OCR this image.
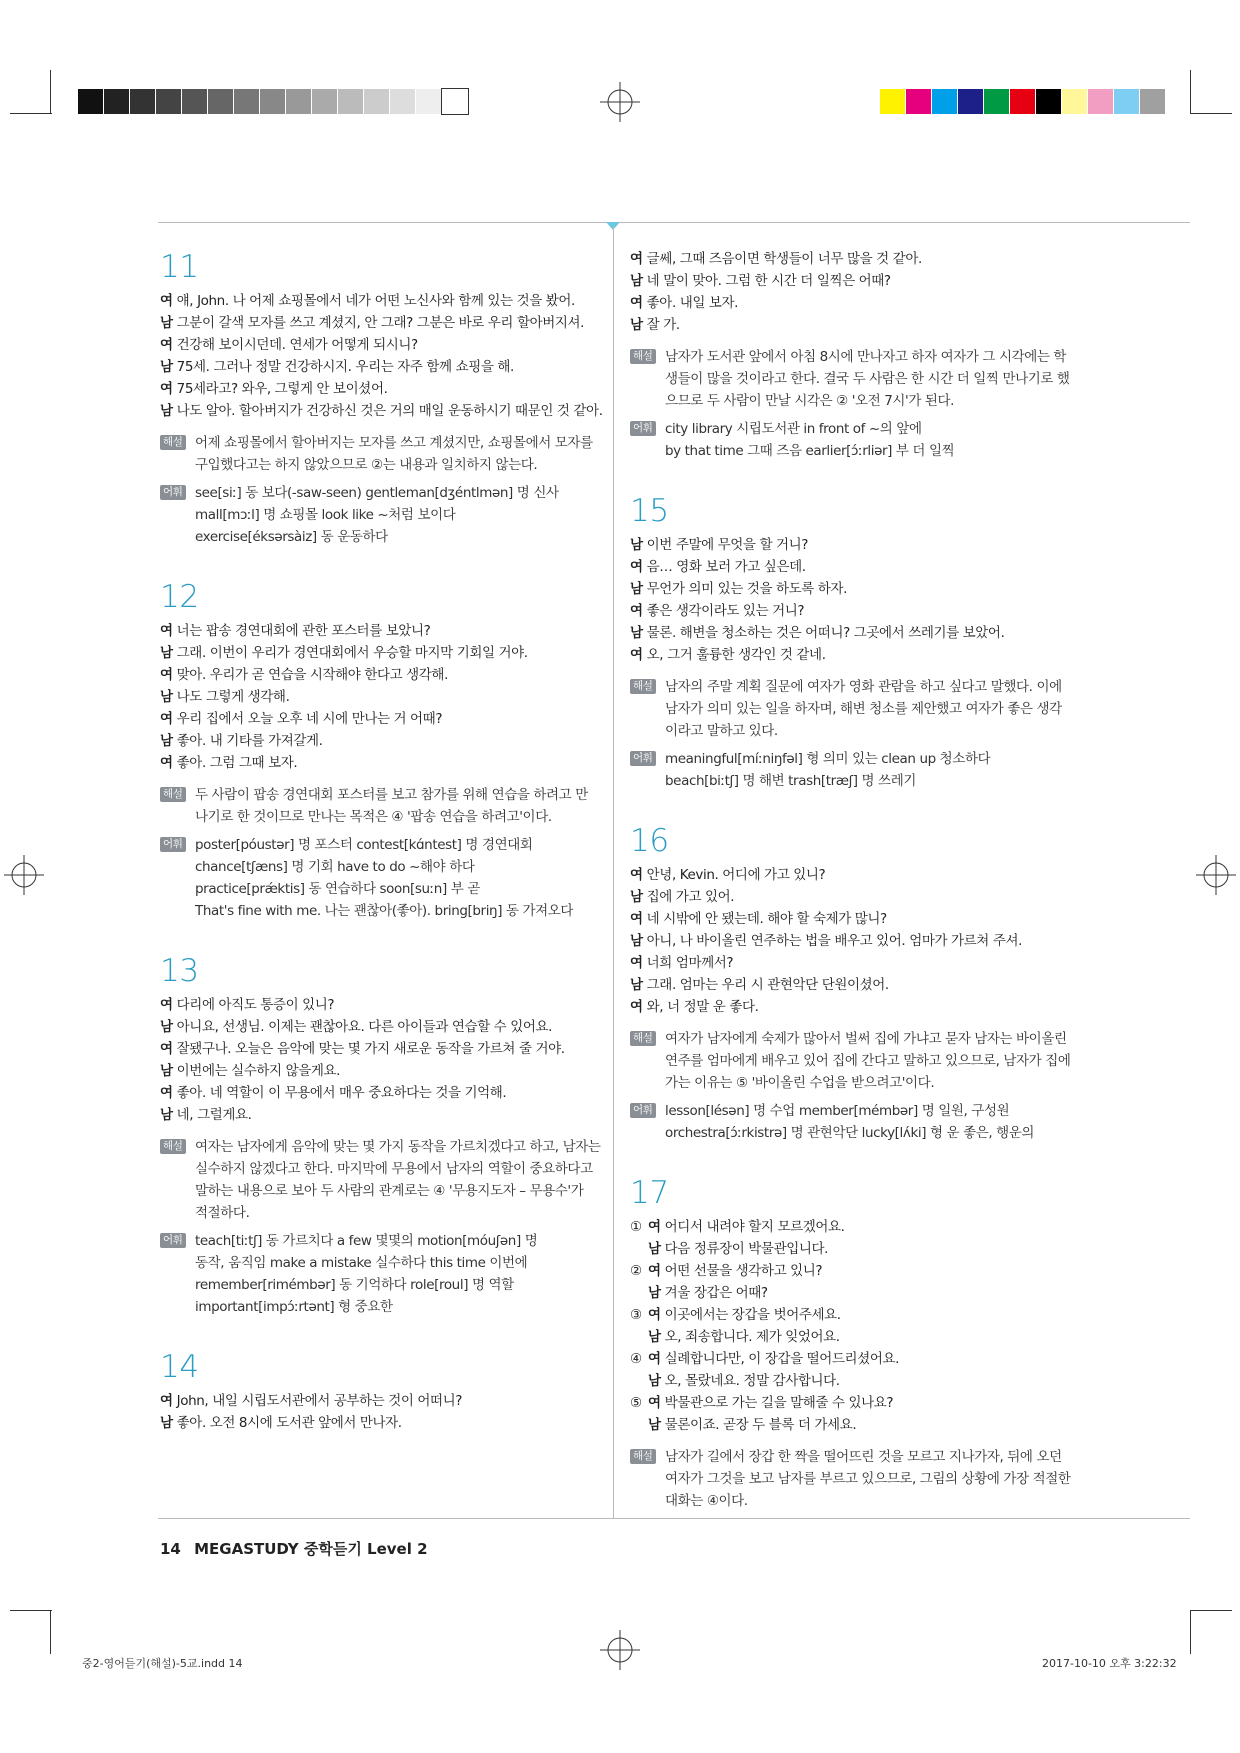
11
여 얘, John. 나 어제 쇼핑몰에서 네가 어떤 노신사와 함께 있는 것을 봤어.
남 그분이 갈색 모자를 쓰고 계셨지, 안 그래? 그분은 바로 우리 할아버지셔.
여 건강해 보이시던데. 연세가 어떻게 되시니?
남 75세. 그러나 정말 건강하시지. 우리는 자주 함께 쇼핑을 해.
여 75세라고? 와우, 그렇게 안 보이셨어.
남 나도 알아. 할아버지가 건강하신 것은 거의 매일 운동하시기 때문인 것 같아.
해설 어제 쇼핑몰에서 할아버지는 모자를 쓰고 계셨지만, 쇼핑몰에서 모자를
구입했다고는 하지 않았으므로 ②는 내용과 일치하지 않는다.
어휘 see[siː] 동 보다(-saw-seen) gentleman[dʒéntlmən] 명 신사
mall[mɔːl] 명 쇼핑몰 look like ~처럼 보이다
exercise[éksərsàiz] 동 운동하다
12
여 너는 팝송 경연대회에 관한 포스터를 보았니?
남 그래. 이번이 우리가 경연대회에서 우승할 마지막 기회일 거야.
여 맞아. 우리가 곧 연습을 시작해야 한다고 생각해.
남 나도 그렇게 생각해.
여 우리 집에서 오늘 오후 네 시에 만나는 거 어때?
남 좋아. 내 기타를 가져갈게.
여 좋아. 그럼 그때 보자.
해설 두 사람이 팝송 경연대회 포스터를 보고 참가를 위해 연습을 하려고 만
나기로 한 것이므로 만나는 목적은 ④ '팝송 연습을 하려고'이다.
어휘 poster[póustər] 명 포스터 contest[kɑ́ntest] 명 경연대회
chance[tʃæns] 명 기회 have to do ~해야 하다
practice[prǽktis] 동 연습하다 soon[suːn] 부 곧
That's fine with me. 나는 괜찮아(좋아). bring[briŋ] 동 가져오다
13
여 다리에 아직도 통증이 있니?
남 아니요, 선생님. 이제는 괜찮아요. 다른 아이들과 연습할 수 있어요.
여 잘됐구나. 오늘은 음악에 맞는 몇 가지 새로운 동작을 가르쳐 줄 거야.
남 이번에는 실수하지 않을게요.
여 좋아. 네 역할이 이 무용에서 매우 중요하다는 것을 기억해.
남 네, 그럴게요.
해설 여자는 남자에게 음악에 맞는 몇 가지 동작을 가르치겠다고 하고, 남자는
실수하지 않겠다고 한다. 마지막에 무용에서 남자의 역할이 중요하다고
말하는 내용으로 보아 두 사람의 관계로는 ④ '무용지도자 – 무용수'가
적절하다.
어휘 teach[tiːtʃ] 동 가르치다 a few 몇몇의 motion[móuʃən] 명
동작, 움직임 make a mistake 실수하다 this time 이번에
remember[rimémbər] 동 기억하다 role[roul] 명 역할
important[impɔ́ːrtənt] 형 중요한
14
여 John, 내일 시립도서관에서 공부하는 것이 어떠니?
남 좋아. 오전 8시에 도서관 앞에서 만나자.
여 글쎄, 그때 즈음이면 학생들이 너무 많을 것 같아.
남 네 말이 맞아. 그럼 한 시간 더 일찍은 어때?
여 좋아. 내일 보자.
남 잘 가.
해설 남자가 도서관 앞에서 아침 8시에 만나자고 하자 여자가 그 시각에는 학
생들이 많을 것이라고 한다. 결국 두 사람은 한 시간 더 일찍 만나기로 했
으므로 두 사람이 만날 시각은 ② '오전 7시'가 된다.
어휘 city library 시립도서관 in front of ~의 앞에
by that time 그때 즈음 earlier[ɔ́ːrliər] 부 더 일찍
15
남 이번 주말에 무엇을 할 거니?
여 음… 영화 보러 가고 싶은데.
남 무언가 의미 있는 것을 하도록 하자.
여 좋은 생각이라도 있는 거니?
남 물론. 해변을 청소하는 것은 어떠니? 그곳에서 쓰레기를 보았어.
여 오, 그거 훌륭한 생각인 것 같네.
해설 남자의 주말 계획 질문에 여자가 영화 관람을 하고 싶다고 말했다. 이에
남자가 의미 있는 일을 하자며, 해변 청소를 제안했고 여자가 좋은 생각
이라고 말하고 있다.
어휘 meaningful[míːniŋfəl] 형 의미 있는 clean up 청소하다
beach[biːtʃ] 명 해변 trash[træʃ] 명 쓰레기
16
여 안녕, Kevin. 어디에 가고 있니?
남 집에 가고 있어.
여 네 시밖에 안 됐는데. 해야 할 숙제가 많니?
남 아니, 나 바이올린 연주하는 법을 배우고 있어. 엄마가 가르쳐 주셔.
여 너희 엄마께서?
남 그래. 엄마는 우리 시 관현악단 단원이셨어.
여 와, 너 정말 운 좋다.
해설 여자가 남자에게 숙제가 많아서 벌써 집에 가냐고 묻자 남자는 바이올린
연주를 엄마에게 배우고 있어 집에 간다고 말하고 있으므로, 남자가 집에
가는 이유는 ⑤ '바이올린 수업을 받으려고'이다.
어휘 lesson[lésən] 명 수업 member[mémbər] 명 일원, 구성원
orchestra[ɔ́ːrkistrə] 명 관현악단 lucky[lʌ́ki] 형 운 좋은, 행운의
17
① 여 어디서 내려야 할지 모르겠어요.
남 다음 정류장이 박물관입니다.
② 여 어떤 선물을 생각하고 있니?
남 겨울 장갑은 어때?
③ 여 이곳에서는 장갑을 벗어주세요.
남 오, 죄송합니다. 제가 잊었어요.
④ 여 실례합니다만, 이 장갑을 떨어드리셨어요.
남 오, 몰랐네요. 정말 감사합니다.
⑤ 여 박물관으로 가는 길을 말해줄 수 있나요?
남 물론이죠. 곧장 두 블록 더 가세요.
해설 남자가 길에서 장갑 한 짝을 떨어뜨린 것을 모르고 지나가자, 뒤에 오던
여자가 그것을 보고 남자를 부르고 있으므로, 그림의 상황에 가장 적절한
대화는 ④이다.
14 MEGASTUDY 중학듣기 Level 2
중2-영어듣기(해설)-5교.indd 14	2017-10-10 오후 3:22:32
